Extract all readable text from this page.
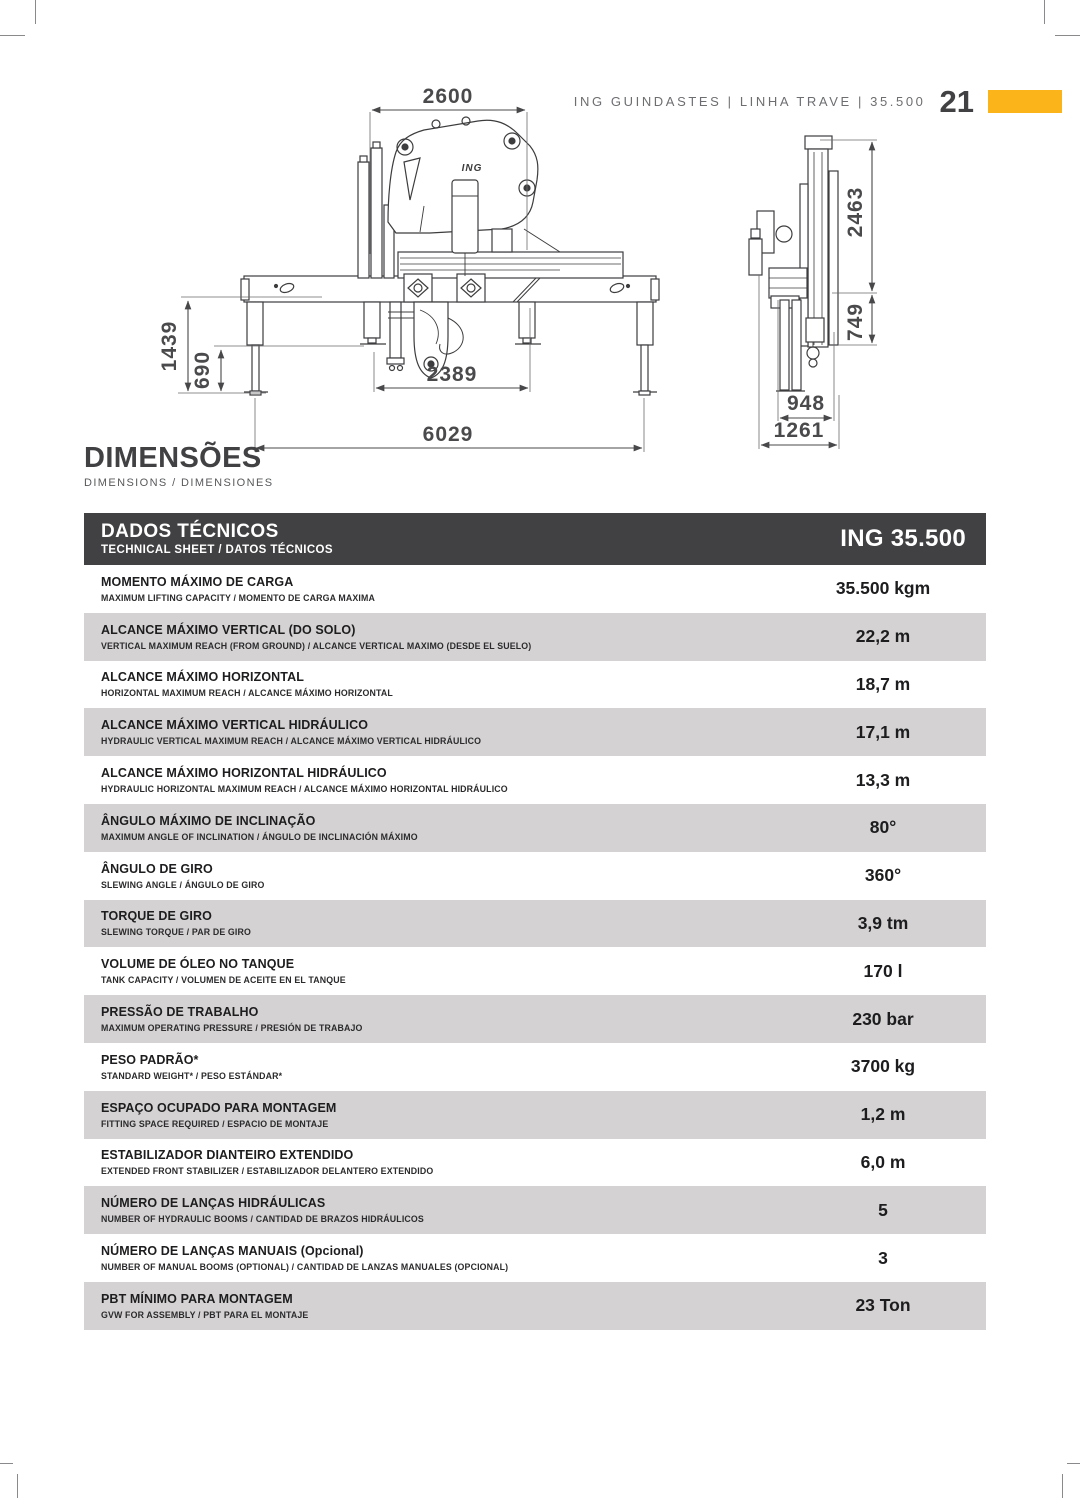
ING GUINDASTES | LINHA TRAVE | 35.500 21
ING
2600
1439 690	2389
6029
2463
749
948
1261
DIMENSÕES
DIMENSIONS / DIMENSIONES
DADOS TÉCNICOS
TECHNICAL SHEET / DATOS TÉCNICOS	ING 35.500
MOMENTO MÁXIMO DE CARGA
MAXIMUM LIFTING CAPACITY / MOMENTO DE CARGA MAXIMA	35.500 kgm
ALCANCE MÁXIMO VERTICAL (DO SOLO)
VERTICAL MAXIMUM REACH (FROM GROUND) / ALCANCE VERTICAL MAXIMO (DESDE EL SUELO)	22,2 m
ALCANCE MÁXIMO HORIZONTAL
HORIZONTAL MAXIMUM REACH / ALCANCE MÁXIMO HORIZONTAL	18,7 m
ALCANCE MÁXIMO VERTICAL HIDRÁULICO
HYDRAULIC VERTICAL MAXIMUM REACH / ALCANCE MÁXIMO VERTICAL HIDRÁULICO	17,1 m
ALCANCE MÁXIMO HORIZONTAL HIDRÁULICO
HYDRAULIC HORIZONTAL MAXIMUM REACH / ALCANCE MÁXIMO HORIZONTAL HIDRÁULICO	13,3 m
ÂNGULO MÁXIMO DE INCLINAÇÃO
MAXIMUM ANGLE OF INCLINATION / ÁNGULO DE INCLINACIÓN MÁXIMO	80°
ÂNGULO DE GIRO
SLEWING ANGLE / ÁNGULO DE GIRO	360°
TORQUE DE GIRO
SLEWING TORQUE / PAR DE GIRO	3,9 tm
VOLUME DE ÓLEO NO TANQUE
TANK CAPACITY / VOLUMEN DE ACEITE EN EL TANQUE	170 l
PRESSÃO DE TRABALHO
MAXIMUM OPERATING PRESSURE / PRESIÓN DE TRABAJO	230 bar
PESO PADRÃO*
STANDARD WEIGHT* / PESO ESTÁNDAR*	3700 kg
ESPAÇO OCUPADO PARA MONTAGEM
FITTING SPACE REQUIRED / ESPACIO DE MONTAJE	1,2 m
ESTABILIZADOR DIANTEIRO EXTENDIDO
EXTENDED FRONT STABILIZER / ESTABILIZADOR DELANTERO EXTENDIDO	6,0 m
NÚMERO DE LANÇAS HIDRÁULICAS
NUMBER OF HYDRAULIC BOOMS / CANTIDAD DE BRAZOS HIDRÁULICOS	5
NÚMERO DE LANÇAS MANUAIS (Opcional)
NUMBER OF MANUAL BOOMS (OPTIONAL) / CANTIDAD DE LANZAS MANUALES (OPCIONAL)	3
PBT MÍNIMO PARA MONTAGEM
GVW FOR ASSEMBLY / PBT PARA EL MONTAJE	23 Ton
